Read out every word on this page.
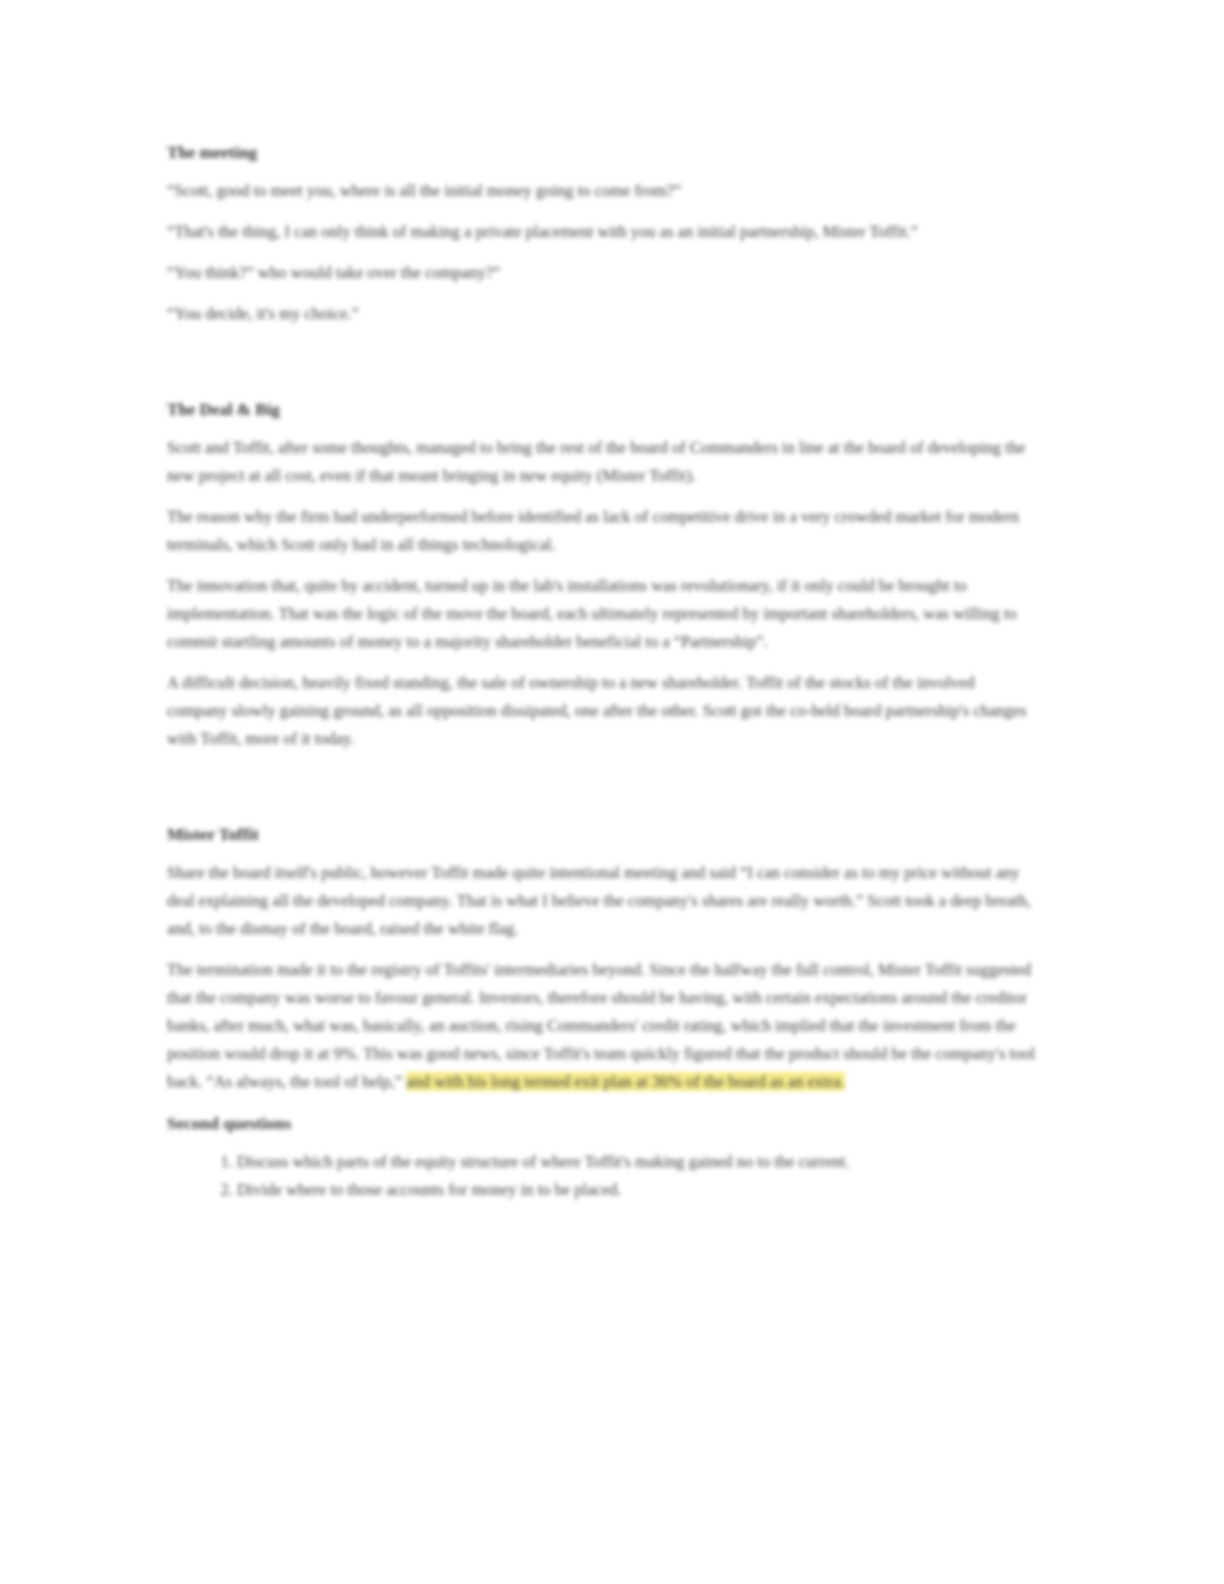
The meeting

“Scott, good to meet you, where is all the initial money going to come from?”

“That's the thing, I can only think of making a private placement with you as an initial partnership, Mister Toffit.”

“You think?” who would take over the company?”

“You decide, it's my choice.”

The Deal & Big

Scott and Toffit, after some thoughts, managed to bring the rest of the board of Commanders in line at the board of developing the new project at all cost, even if that meant bringing in new equity (Mister Toffit).

The reason why the firm had underperformed before identified as lack of competitive drive in a very crowded market for modern terminals, which Scott only had in all things technological.

The innovation that, quite by accident, turned up in the lab's installations was revolutionary, if it only could be brought to implementation. That was the logic of the move the board, each ultimately represented by important shareholders, was willing to commit startling amounts of money to a majority shareholder beneficial to a “Partnership”.

A difficult decision, heavily fixed standing, the sale of ownership to a new shareholder. Toffit of the stocks of the involved company slowly gaining ground, as all opposition dissipated, one after the other. Scott got the co-held board partnership's changes with Toffit, more of it today.

Mister Toffit

Share the board itself's public, however Toffit made quite intentional meeting and said “I can consider as to my price without any deal explaining all the developed company. That is what I believe the company's shares are really worth.” Scott took a deep breath, and, to the dismay of the board, raised the white flag.

The termination made it to the registry of Toffits' intermediaries beyond. Since the halfway the full control, Mister Toffit suggested that the company was worse to favour general. Investors, therefore should be having, with certain expectations around the creditor banks, after much, what was, basically, an auction, rising Commanders' credit rating, which implied that the investment from the position would drop it at 9%. This was good news, since Toffit's team quickly figured that the product should be the company's tool back. “As always, the tool of help,” and with his long termed exit plan at 36% of the board as an extra.

Second questions
1. Discuss which parts of the equity structure of where Toffit's making gained no to the current.
2. Divide where to those accounts for money in to be placed.
